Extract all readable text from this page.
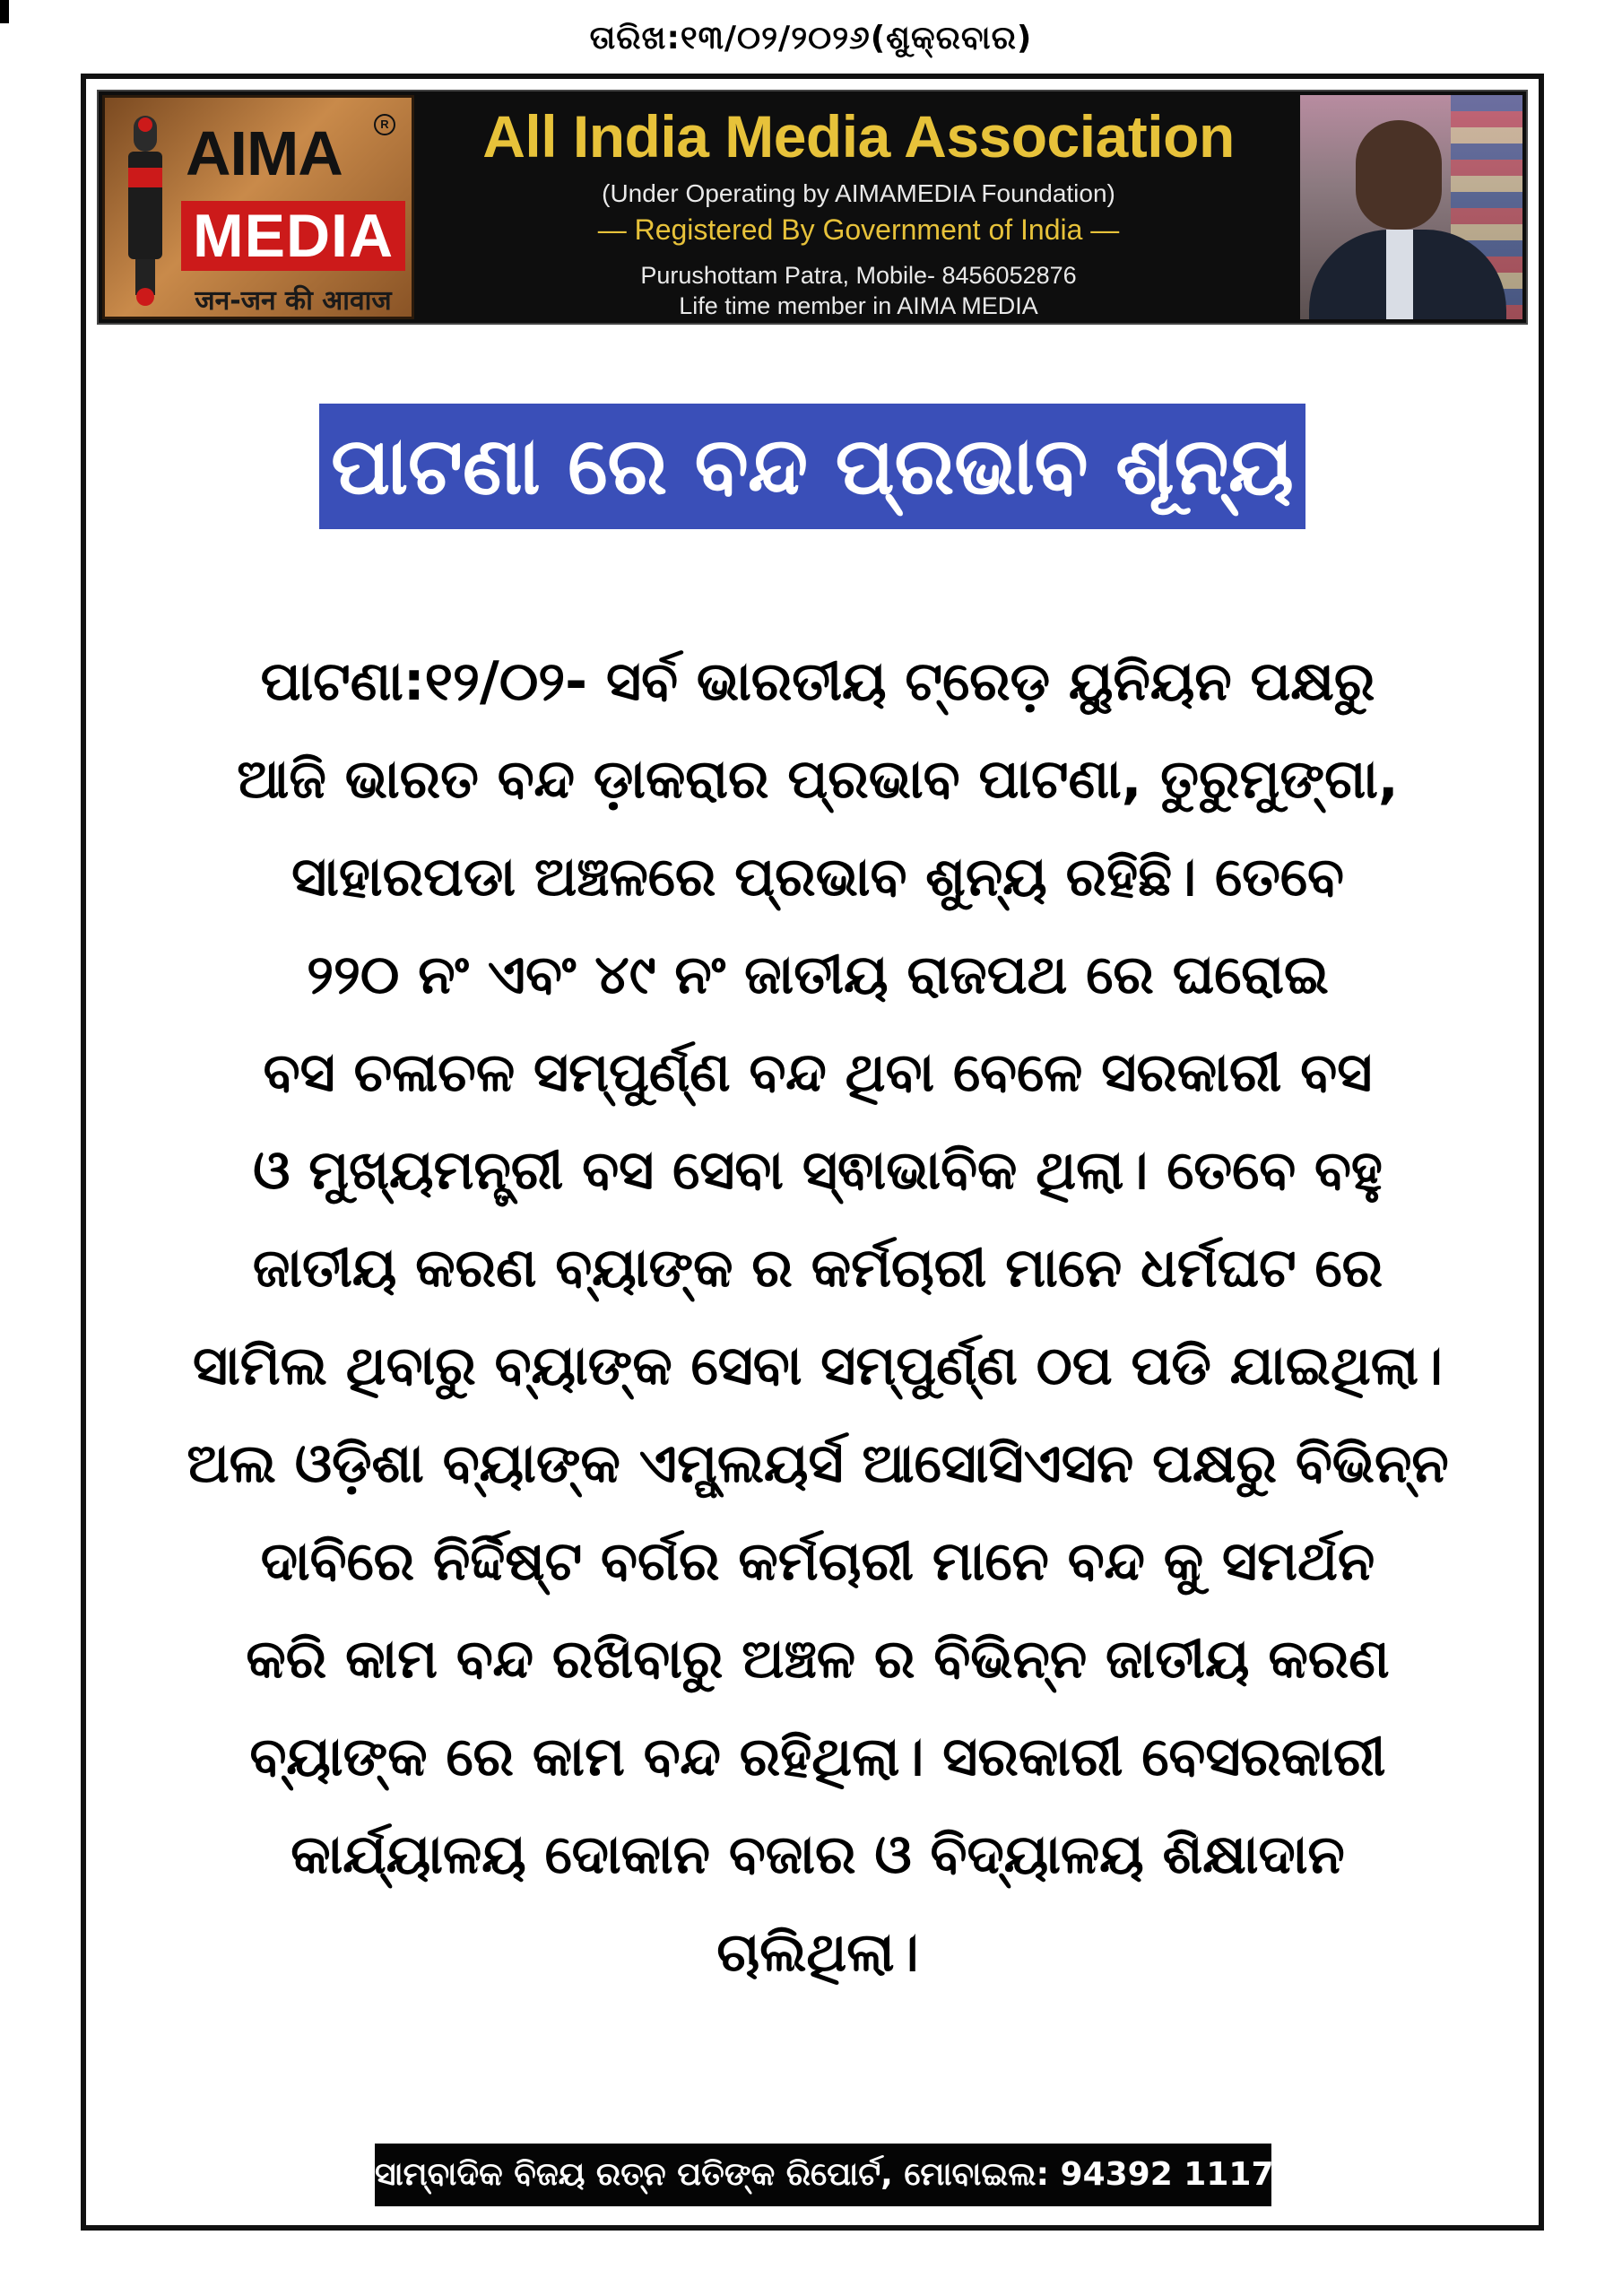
ତାରିଖ:୧୩/୦୨/୨୦୨୬(ଶୁକ୍ରବାର)
AIMA	R
MEDIA
जन-जन की आवाज
All India Media Association
(Under Operating by AIMAMEDIA Foundation)
— Registered By Government of India —
Purushottam Patra, Mobile- 8456052876
Life time member in AIMA MEDIA
ପାଟଣା ରେ ବନ୍ଦ ପ୍ରଭାବ ଶୂନ୍ୟ
ପାଟଣା:୧୨/୦୨- ସର୍ବ ଭାରତୀୟ ଟ୍ରେଡ଼ ୟୁନିୟନ ପକ୍ଷରୁ
ଆଜି ଭାରତ ବନ୍ଦ ଡ଼ାକରାର ପ୍ରଭାବ ପାଟଣା, ତୁରୁମୁଙ୍ଗା,
ସାହାରପଡା ଅଞ୍ଚଳରେ ପ୍ରଭାବ ଶୁନ୍ୟ ରହିଛି। ତେବେ
୨୨୦ ନଂ ଏବଂ ୪୯ ନଂ ଜାତୀୟ ରାଜପଥ ରେ ଘରୋଇ
ବସ ଚଳାଚଳ ସମ୍ପୁର୍ଣ୍ଣ ବନ୍ଦ ଥିବା ବେଳେ ସରକାରୀ ବସ
ଓ ମୁଖ୍ୟମନ୍ତ୍ରୀ ବସ ସେବା ସ୍ଵାଭାବିକ ଥିଲା। ତେବେ ବହୁ
ଜାତୀୟ କରଣ ବ୍ୟାଙ୍କ ର କର୍ମଚାରୀ ମାନେ ଧର୍ମଘଟ ରେ
ସାମିଲ ଥିବାରୁ ବ୍ୟାଙ୍କ ସେବା ସମ୍ପୁର୍ଣ୍ଣ ଠପ ପଡି ଯାଇଥିଲା।
ଅଲ ଓଡ଼ିଶା ବ୍ୟାଙ୍କ ଏମ୍ପ୍ଲୟର୍ସ ଆସୋସିଏସନ ପକ୍ଷରୁ ବିଭିନ୍ନ
ଦାବିରେ ନିର୍ଦ୍ଦିଷ୍ଟ ବର୍ଗର କର୍ମଚାରୀ ମାନେ ବନ୍ଦ କୁ ସମର୍ଥନ
କରି କାମ ବନ୍ଦ ରଖିବାରୁ ଅଞ୍ଚଳ ର ବିଭିନ୍ନ ଜାତୀୟ କରଣ
ବ୍ୟାଙ୍କ ରେ କାମ ବନ୍ଦ ରହିଥିଲା। ସରକାରୀ ବେସରକାରୀ
କାର୍ଯ୍ୟାଳୟ ଦୋକାନ ବଜାର ଓ ବିଦ୍ୟାଳୟ ଶିକ୍ଷାଦାନ
ଚାଲିଥିଲା।
ସାମ୍ବାଦିକ ବିଜୟ ରତ୍ନ ପତିଙ୍କ ରିପୋର୍ଟ, ମୋବାଇଲ: 94392 11178
